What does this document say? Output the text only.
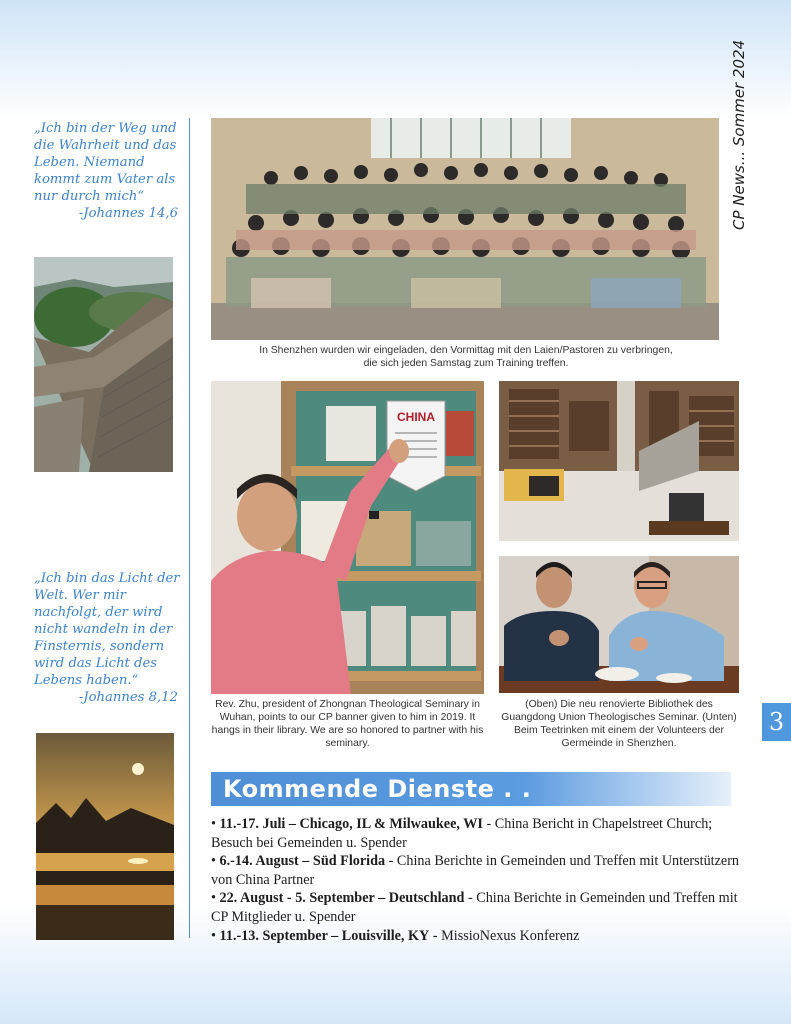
CP News... Sommer 2024
„Ich bin der Weg und die Wahrheit und das Leben. Niemand kommt zum Vater als nur durch mich“
-Johannes 14,6
„Ich bin das Licht der Welt. Wer mir nachfolgt, der wird nicht wandeln in der Finsternis, sondern wird das Licht des Lebens haben.“
-Johannes 8,12
In Shenzhen wurden wir eingeladen, den Vormittag mit den Laien/Pastoren zu verbringen, die sich jeden Samstag zum Training treffen.
CHINA
Rev. Zhu, president of Zhongnan Theological Seminary in Wuhan, points to our CP banner given to him in 2019. It hangs in their library. We are so honored to partner with his seminary.
(Oben) Die neu renovierte Bibliothek des Guangdong Union Theologisches Seminar. (Unten) Beim Teetrinken mit einem der Volunteers der Germeinde in Shenzhen.
Kommende Dienste . .

• 11.-17. Juli – Chicago, IL & Milwaukee, WI - China Bericht in Chapelstreet Church; Besuch bei Gemeinden u. Spender

• 6.-14. August – Süd Florida - China Berichte in Gemeinden und Treffen mit Unterstützern von China Partner

• 22. August - 5. September – Deutschland - China Berichte in Gemeinden und Treffen mit CP Mitglieder u. Spender

• 11.-13. September – Louisville, KY - MissioNexus Konferenz

3
